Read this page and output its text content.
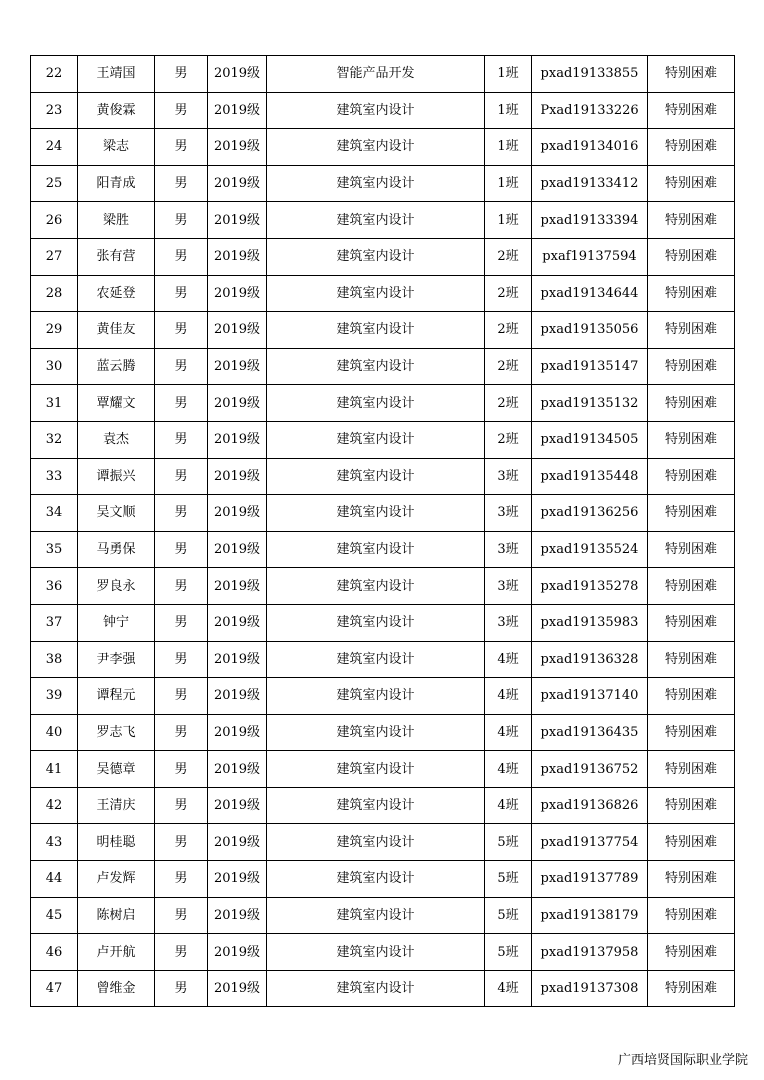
22	王靖国	男	2019级	智能产品开发	1班	pxad19133855	特别困难
23	黄俊霖	男	2019级	建筑室内设计	1班	Pxad19133226	特别困难
24	梁志	男	2019级	建筑室内设计	1班	pxad19134016	特别困难
25	阳青成	男	2019级	建筑室内设计	1班	pxad19133412	特别困难
26	梁胜	男	2019级	建筑室内设计	1班	pxad19133394	特别困难
27	张有营	男	2019级	建筑室内设计	2班	pxaf19137594	特别困难
28	农延登	男	2019级	建筑室内设计	2班	pxad19134644	特别困难
29	黄佳友	男	2019级	建筑室内设计	2班	pxad19135056	特别困难
30	蓝云腾	男	2019级	建筑室内设计	2班	pxad19135147	特别困难
31	覃耀文	男	2019级	建筑室内设计	2班	pxad19135132	特别困难
32	袁杰	男	2019级	建筑室内设计	2班	pxad19134505	特别困难
33	谭振兴	男	2019级	建筑室内设计	3班	pxad19135448	特别困难
34	吴文顺	男	2019级	建筑室内设计	3班	pxad19136256	特别困难
35	马勇保	男	2019级	建筑室内设计	3班	pxad19135524	特别困难
36	罗良永	男	2019级	建筑室内设计	3班	pxad19135278	特别困难
37	钟宁	男	2019级	建筑室内设计	3班	pxad19135983	特别困难
38	尹李强	男	2019级	建筑室内设计	4班	pxad19136328	特别困难
39	谭程元	男	2019级	建筑室内设计	4班	pxad19137140	特别困难
40	罗志飞	男	2019级	建筑室内设计	4班	pxad19136435	特别困难
41	吴德章	男	2019级	建筑室内设计	4班	pxad19136752	特别困难
42	王清庆	男	2019级	建筑室内设计	4班	pxad19136826	特别困难
43	明桂聪	男	2019级	建筑室内设计	5班	pxad19137754	特别困难
44	卢发辉	男	2019级	建筑室内设计	5班	pxad19137789	特别困难
45	陈树启	男	2019级	建筑室内设计	5班	pxad19138179	特别困难
46	卢开航	男	2019级	建筑室内设计	5班	pxad19137958	特别困难
47	曾维金	男	2019级	建筑室内设计	4班	pxad19137308	特别困难
广西培贤国际职业学院
